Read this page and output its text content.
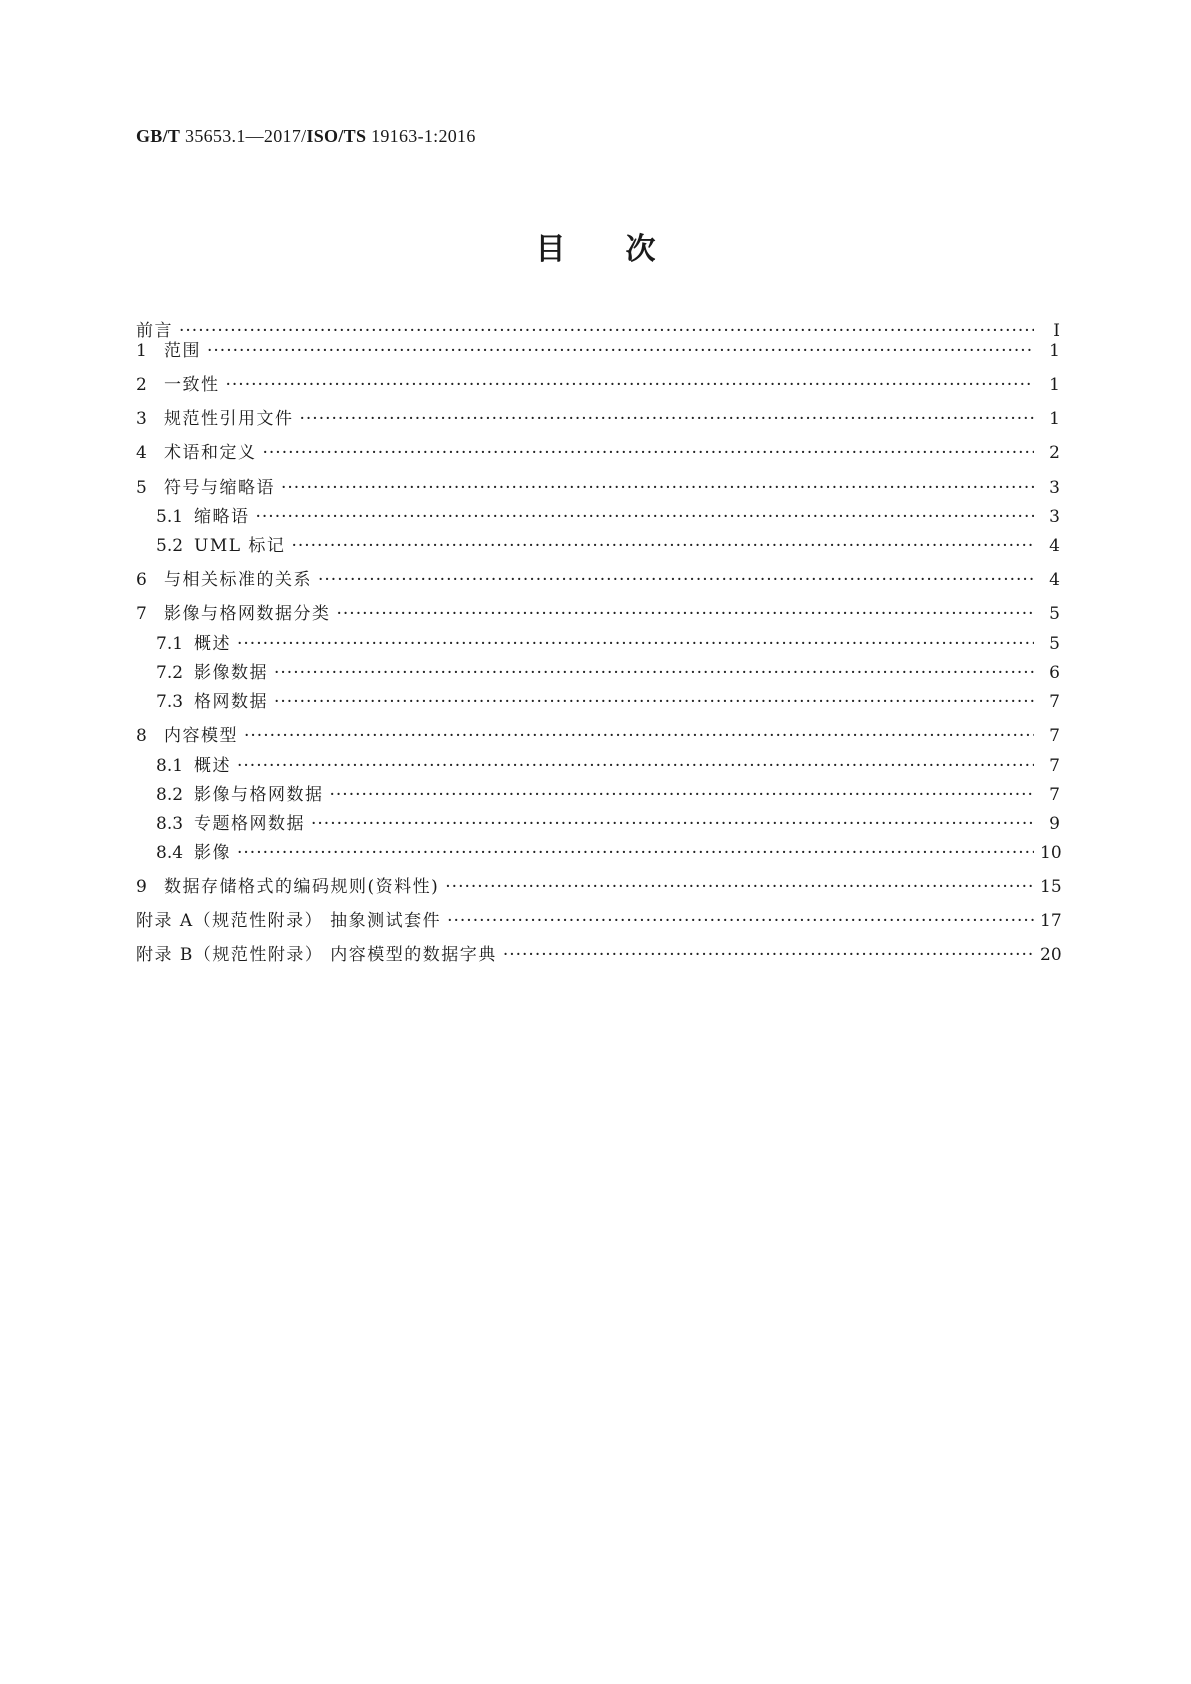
GB/T 35653.1—2017/ISO/TS 19163-1:2016
目次
前言 ·····	Ⅰ
1	范围 ·····	1
2	一致性 ·····	1
3	规范性引用文件 ·····	1
4	术语和定义 ·····	2
5	符号与缩略语 ·····	3
5.1 缩略语 ·····	3
5.2 UML 标记 ·····	4
6	与相关标准的关系 ·····	4
7	影像与格网数据分类 ·····	5
7.1 概述 ·····	5
7.2 影像数据 ·····	6
7.3 格网数据 ·····	7
8	内容模型 ·····	7
8.1 概述 ·····	7
8.2 影像与格网数据 ·····	7
8.3 专题格网数据 ·····	9
8.4 影像 ·····	10
9	数据存储格式的编码规则(资料性) ·····	15
附录 A（规范性附录） 抽象测试套件 ·····	17
附录 B（规范性附录） 内容模型的数据字典 ·····	20
